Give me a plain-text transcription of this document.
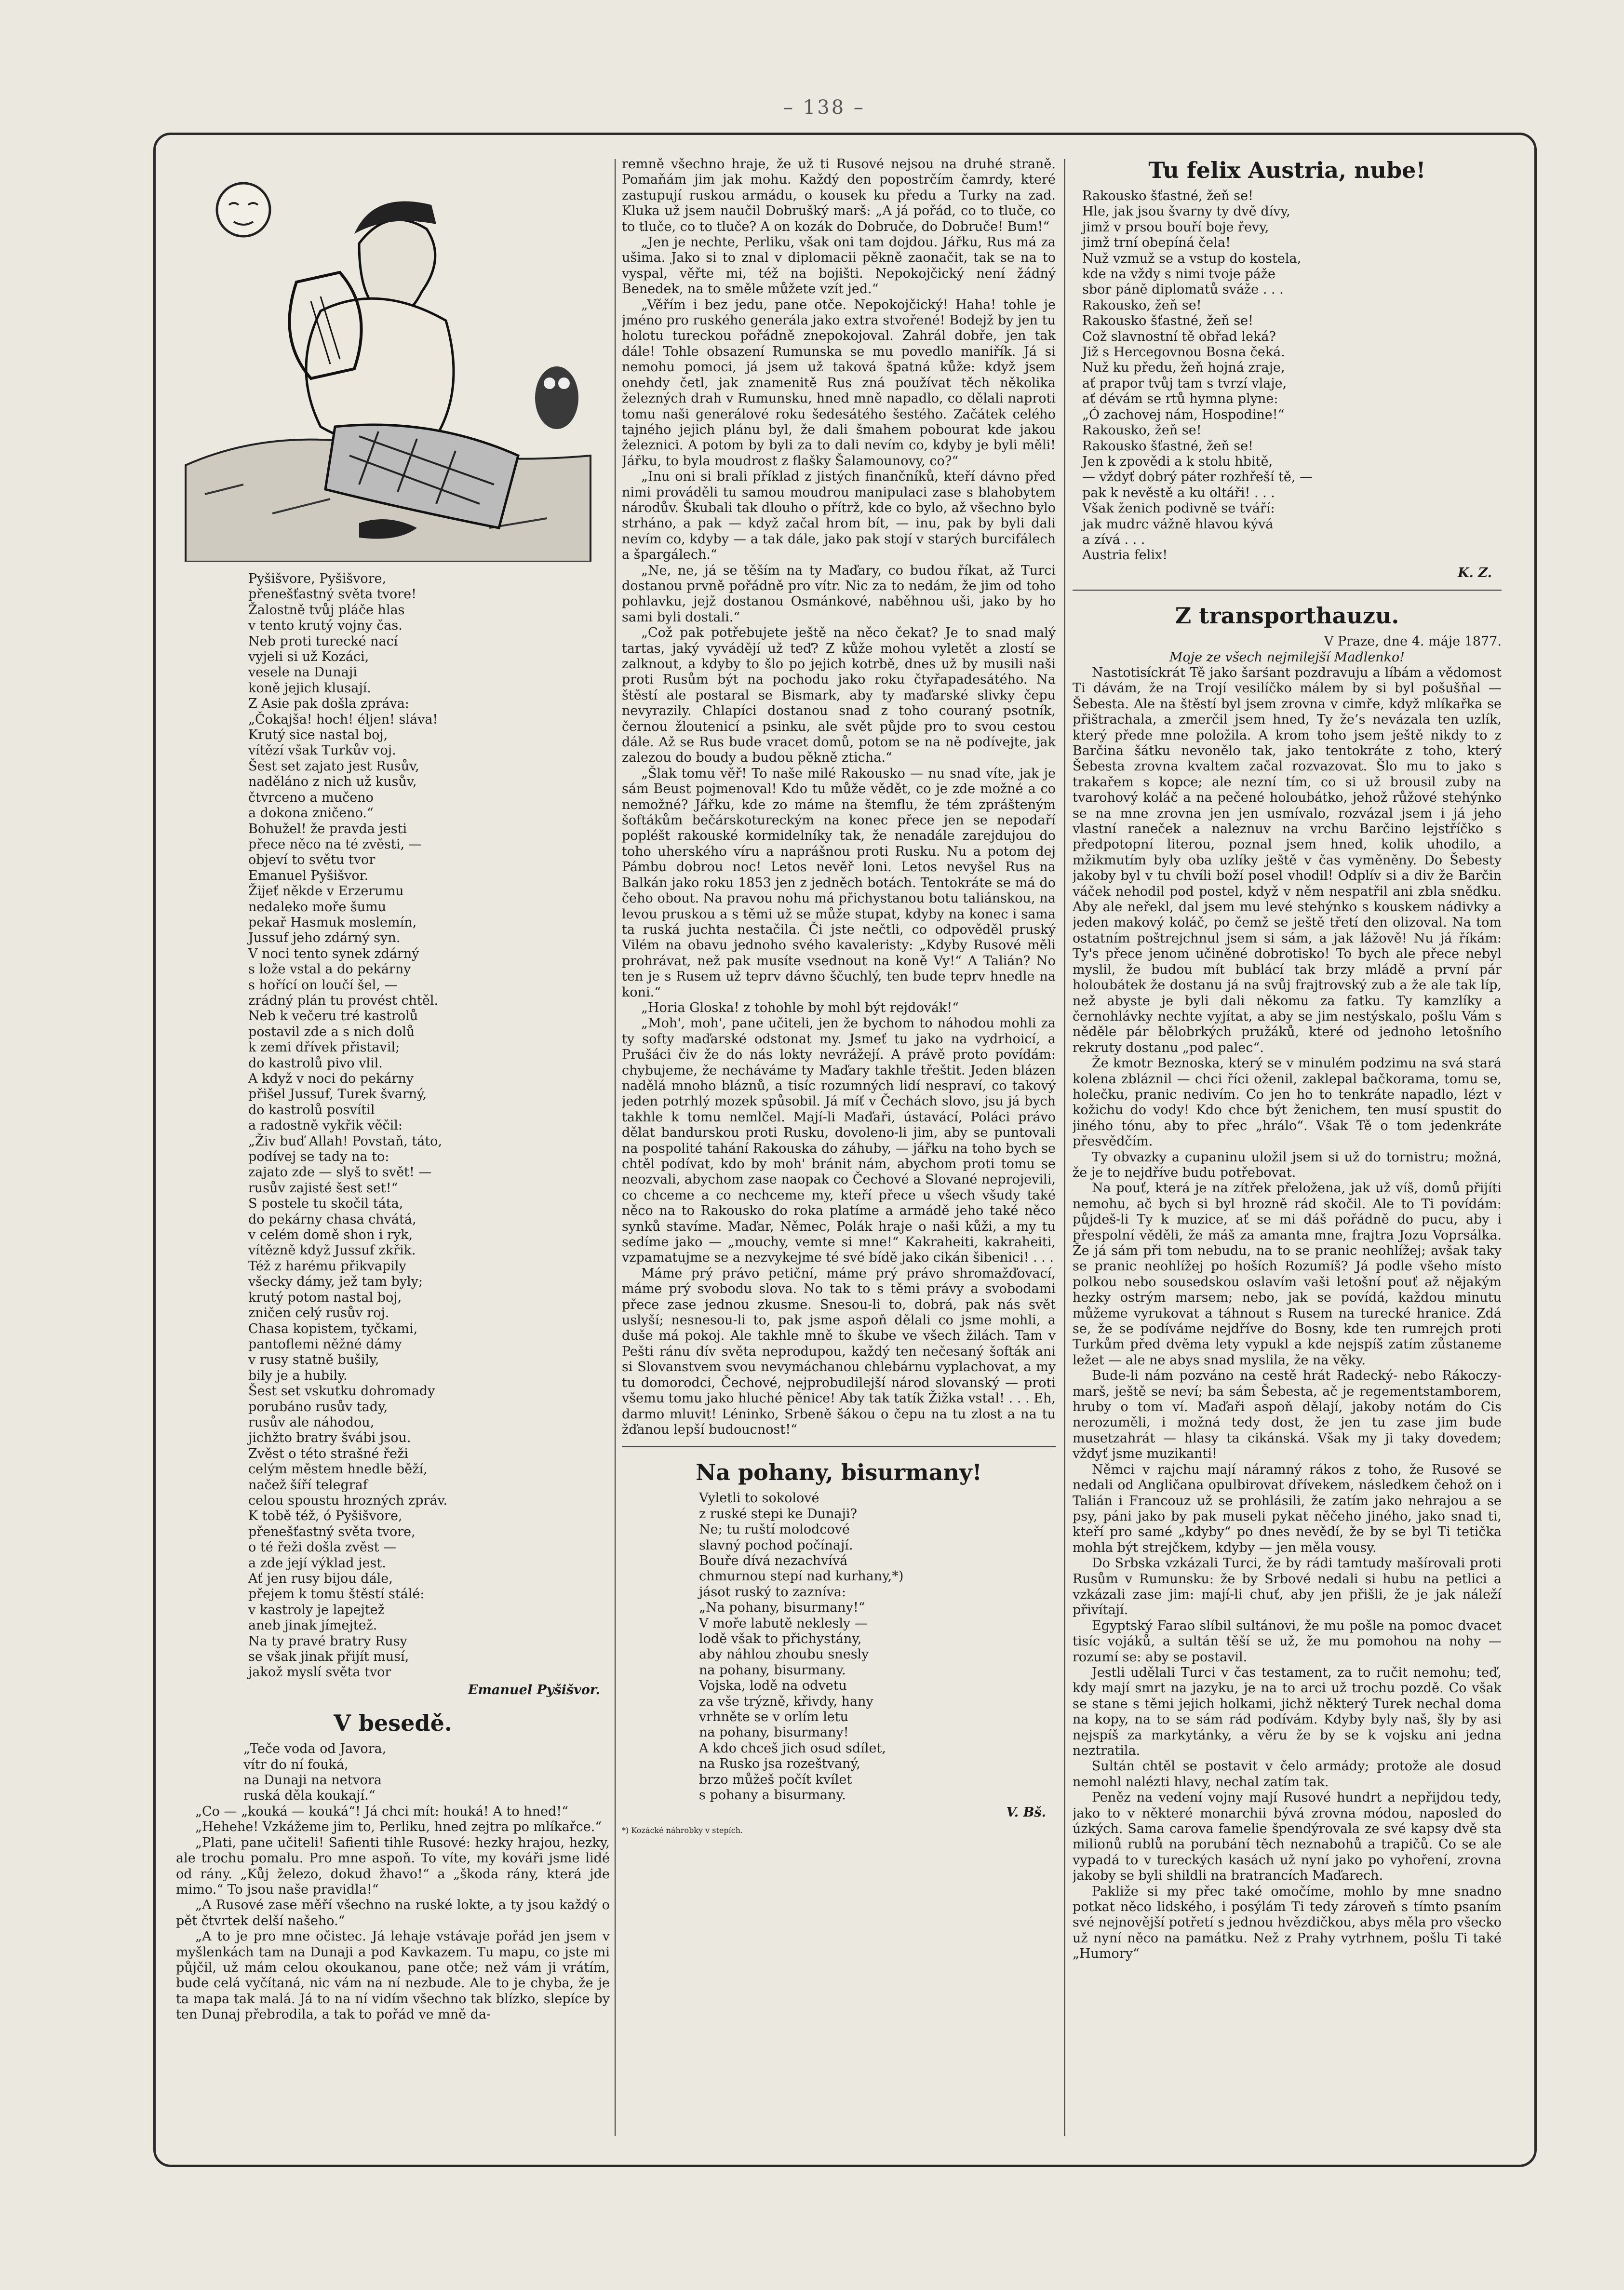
– 138 –

Pyšišvore, Pyšišvore,
přenešťastný světa tvore!
Žalostně tvůj pláče hlas
v tento krutý vojny čas.
Neb proti turecké nací
vyjeli si už Kozáci,
vesele na Dunaji
koně jejich klusají.
Z Asie pak došla zpráva:
„Čokajša! hoch! éljen! sláva!
Krutý sice nastal boj,
vítězí však Turkův voj.
Šest set zajato jest Rusův,
naděláno z nich už kusův,
čtvrceno a mučeno
a dokona zničeno.“
Bohužel! že pravda jesti
přece něco na té zvěsti, —
objeví to světu tvor
Emanuel Pyšišvor.
Žijeť někde v Erzerumu
nedaleko moře šumu
pekař Hasmuk moslemín,
Jussuf jeho zdárný syn.
V noci tento synek zdárný
s lože vstal a do pekárny
s hořící on loučí šel, —
zrádný plán tu provést chtěl.
Neb k večeru tré kastrolů
postavil zde a s nich dolů
k zemi dřívek přistavil;
do kastrolů pivo vlil.
A když v noci do pekárny
přišel Jussuf, Turek švarný,
do kastrolů posvítil
a radostně vykřik věčil:
„Živ buď Allah! Povstaň, táto,
podívej se tady na to:
zajato zde — slyš to svět! —
rusův zajisté šest set!“
S postele tu skočil táta,
do pekárny chasa chvátá,
v celém domě shon i ryk,
vítězně když Jussuf zkřik.
Též z harému přikvapily
všecky dámy, jež tam byly;
krutý potom nastal boj,
zničen celý rusův roj.
Chasa kopistem, tyčkami,
pantoflemi něžné dámy
v rusy statně bušily,
bily je a hubily.
Šest set vskutku dohromady
porubáno rusův tady,
rusův ale náhodou,
jichžto bratry švábi jsou.
Zvěst o této strašné řeži
celým městem hnedle běží,
načež šíří telegraf
celou spoustu hrozných zpráv.
K tobě též, ó Pyšišvore,
přenešťastný světa tvore,
o té řeži došla zvěst —
a zde její výklad jest.
Ať jen rusy bijou dále,
přejem k tomu štěstí stálé:
v kastroly je lapejtež
aneb jinak jímejtež.
Na ty pravé bratry Rusy
se však jinak přijít musí,
jakož myslí světa tvor

Emanuel Pyšišvor.

V besedě.

„Teče voda od Javora,
vítr do ní fouká,
na Dunaji na netvora
ruská děla koukají.“

„Co — „kouká — kouká“! Já chci mít: houká! A to hned!“

„Hehehe! Vzkážeme jim to, Perliku, hned zejtra po mlíkařce.“

„Plati, pane učiteli! Safienti tihle Rusové: hezky hrajou, hezky, ale trochu pomalu. Pro mne aspoň. To víte, my kováři jsme lidé od rány. „Kůj železo, dokud žhavo!“ a „škoda rány, která jde mimo.“ To jsou naše pravidla!“

„A Rusové zase měří všechno na ruské lokte, a ty jsou každý o pět čtvrtek delší našeho.“

„A to je pro mne očistec. Já lehaje vstávaje pořád jen jsem v myšlenkách tam na Dunaji a pod Kavkazem. Tu mapu, co jste mi půjčil, už mám celou okoukanou, pane otče; než vám ji vrátím, bude celá vyčítaná, nic vám na ní nezbude. Ale to je chyba, že je ta mapa tak malá. Já to na ní vidím všechno tak blízko, slepíce by ten Dunaj přebrodila, a tak to pořád ve mně da-

remně všechno hraje, že už ti Rusové nejsou na druhé straně. Pomaňám jim jak mohu. Každý den popostrčím čamrdy, které zastupují ruskou armádu, o kousek ku předu a Turky na zad. Kluka už jsem naučil Dobrušký marš: „A já pořád, co to tluče, co to tluče, co to tluče? A on kozák do Dobruče, do Dobruče! Bum!“

„Jen je nechte, Perliku, však oni tam dojdou. Jářku, Rus má za ušima. Jako si to znal v diplomacii pěkně zaonačit, tak se na to vyspal, věřte mi, též na bojišti. Nepokojčický není žádný Benedek, na to směle můžete vzít jed.“

„Věřím i bez jedu, pane otče. Nepokojčický! Haha! tohle je jméno pro ruského generála jako extra stvořené! Bodejž by jen tu holotu tureckou pořádně znepokojoval. Zahrál dobře, jen tak dále! Tohle obsazení Rumunska se mu povedlo maniřík. Já si nemohu pomoci, já jsem už taková špatná kůže: když jsem onehdy četl, jak znamenitě Rus zná používat těch několika železných drah v Rumunsku, hned mně napadlo, co dělali naproti tomu naši generálové roku šedesátého šestého. Začátek celého tajného jejich plánu byl, že dali šmahem pobourat kde jakou železnici. A potom by byli za to dali nevím co, kdyby je byli měli! Jářku, to byla moudrost z flašky Šalamounovy, co?“

„Inu oni si brali příklad z jistých finančníků, kteří dávno před nimi prováděli tu samou moudrou manipulaci zase s blahobytem národův. Škubali tak dlouho o přítrž, kde co bylo, až všechno bylo strháno, a pak — když začal hrom bít, — inu, pak by byli dali nevím co, kdyby — a tak dále, jako pak stojí v starých burcifálech a špargálech.“

„Ne, ne, já se těším na ty Maďary, co budou říkat, až Turci dostanou prvně pořádně pro vítr. Nic za to nedám, že jim od toho pohlavku, jejž dostanou Osmánkové, naběhnou uši, jako by ho sami byli dostali.“

„Což pak potřebujete ještě na něco čekat? Je to snad malý tartas, jaký vyvádějí už teď? Z kůže mohou vyletět a zlostí se zalknout, a kdyby to šlo po jejich kotrbě, dnes už by musili naši proti Rusům být na pochodu jako roku čtyřapadesátého. Na štěstí ale postaral se Bismark, aby ty maďarské slivky čepu nevyrazily. Chlapíci dostanou snad z toho couraný psotník, černou žloutenicí a psinku, ale svět půjde pro to svou cestou dále. Až se Rus bude vracet domů, potom se na ně podívejte, jak zalezou do boudy a budou pěkně zticha.“

„Šlak tomu věř! To naše milé Rakousko — nu snad víte, jak je sám Beust pojmenoval! Kdo tu může vědět, co je zde možné a co nemožné? Jářku, kde zo máme na štemflu, že tém zprášteným šoftákům bečárskotureckým na konec přece jen se nepodaří popléšt rakouské kormidelníky tak, že nenadále zarejdujou do toho uherského víru a naprášnou proti Rusku. Nu a potom dej Pámbu dobrou noc! Letos nevěř loni. Letos nevyšel Rus na Balkán jako roku 1853 jen z jedněch botách. Tentokráte se má do čeho obout. Na pravou nohu má přichystanou botu taliánskou, na levou pruskou a s těmi už se může stupat, kdyby na konec i sama ta ruská juchta nestačila. Či jste nečtli, co odpověděl pruský Vilém na obavu jednoho svého kavaleristy: „Kdyby Rusové měli prohrávat, než pak musíte vsednout na koně Vy!“ A Talián? No ten je s Rusem už teprv dávno ščuchlý, ten bude teprv hnedle na koni.“

„Horia Gloska! z tohohle by mohl být rejdovák!“

„Moh', moh', pane učiteli, jen že bychom to náhodou mohli za ty softy maďarské odstonat my. Jsmeť tu jako na vydrhoicí, a Prušáci čiv že do nás lokty nevrážejí. A právě proto povídám: chybujeme, že necháváme ty Maďary takhle třeštit. Jeden blázen nadělá mnoho bláznů, a tisíc rozumných lidí nespraví, co takový jeden potrhlý mozek spůsobil. Já míť v Čechách slovo, jsu já bych takhle k tomu nemlčel. Mají-li Maďaři, ústavácí, Poláci právo dělat bandurskou proti Rusku, dovoleno-li jim, aby se puntovali na pospolité tahání Rakouska do záhuby, — jářku na toho bych se chtěl podívat, kdo by moh' bránit nám, abychom proti tomu se neozvali, abychom zase naopak co Čechové a Slované neprojevili, co chceme a co nechceme my, kteří přece u všech všudy také něco na to Rakousko do roka platíme a armádě jeho také něco synků stavíme. Maďar, Němec, Polák hraje o naši kůži, a my tu sedíme jako — „mouchy, vemte si mne!“ Kakraheiti, kakraheiti, vzpamatujme se a nezvykejme té své bídě jako cikán šibenici! . . .

Máme prý právo petiční, máme prý právo shromažďovací, máme prý svobodu slova. No tak to s těmi právy a svobodami přece zase jednou zkusme. Snesou-li to, dobrá, pak nás svět uslyší; nesnesou-li to, pak jsme aspoň dělali co jsme mohli, a duše má pokoj. Ale takhle mně to škube ve všech žilách. Tam v Pešti ránu dív světa neprodupou, každý ten nečesaný šofták ani si Slovanstvem svou nevymáchanou chlebárnu vyplachovat, a my tu domorodci, Čechové, nejprobudilejší národ slovanský — proti všemu tomu jako hluché pěnice! Aby tak tatík Žižka vstal! . . . Eh, darmo mluvit! Léninko, Srbeně šákou o čepu na tu zlost a na tu žďanou lepší budoucnost!“

Na pohany, bisurmany!

Vyletli to sokolové
z ruské stepi ke Dunaji?
Ne; tu ruští molodcové
slavný pochod počínají.
Bouře dívá nezachvívá
chmurnou stepí nad kurhany,*)
jásot ruský to zazníva:
„Na pohany, bisurmany!“
V moře labutě neklesly —
lodě však to přichystány,
aby náhlou zhoubu snesly
na pohany, bisurmany.
Vojska, lodě na odvetu
za vše trýzně, křivdy, hany
vrhněte se v orlím letu
na pohany, bisurmany!
A kdo chceš jich osud sdílet,
na Rusko jsa rozeštvaný,
brzo můžeš počít kvílet
s pohany a bisurmany.

V. Bš.

*) Kozácké náhrobky v stepích.

Tu felix Austria, nube!

Rakousko šťastné, žeň se!
Hle, jak jsou švarny ty dvě dívy,
jimž v prsou bouří boje řevy,
jimž trní obepíná čela!
Nuž vzmuž se a vstup do kostela,
kde na vždy s nimi tvoje páže
sbor páně diplomatů sváže . . .
Rakousko, žeň se!
Rakousko šťastné, žeň se!
Což slavnostní tě obřad leká?
Již s Hercegovnou Bosna čeká.
Nuž ku předu, žeň hojná zraje,
ať prapor tvůj tam s tvrzí vlaje,
ať dévám se rtů hymna plyne:
„Ó zachovej nám, Hospodine!“
Rakousko, žeň se!
Rakousko šťastné, žeň se!
Jen k zpovědi a k stolu hbitě,
— vždyť dobrý páter rozhřeší tě, —
pak k nevěstě a ku oltáři! . . .
Však ženich podivně se tváří:
jak mudrc vážně hlavou kývá
a zívá . . .
Austria felix!

K. Z.

Z transporthauzu.

V Praze, dne 4. máje 1877.

Moje ze všech nejmilejší Madlenko!

Nastotisíckrát Tě jako šarśant pozdravuju a líbám a vědomost Ti dávám, že na Trojí vesilíčko málem by si byl pošušňal — Šebesta. Ale na štěstí byl jsem zrovna v cimře, když mlíkařka se přištrachala, a zmerčil jsem hned, Ty že’s nevázala ten uzlík, který přede mne položila. A krom toho jsem ještě nikdy to z Barčina šátku nevonělo tak, jako tentokráte z toho, který Šebesta zrovna kvaltem začal rozvazovat. Šlo mu to jako s trakařem s kopce; ale nezní tím, co si už brousil zuby na tvarohový koláč a na pečené holoubátko, jehož růžové stehýnko se na mne zrovna jen jen usmívalo, rozvázal jsem i já jeho vlastní raneček a naleznuv na vrchu Barčino lejstříčko s předpotopní literou, poznal jsem hned, kolik uhodilo, a mžikmutím byly oba uzlíky ještě v čas vyměněny. Do Šebesty jakoby byl v tu chvíli boží posel vhodil! Odplív si a div že Barčin váček nehodil pod postel, když v něm nespatřil ani zbla snědku. Aby ale neřekl, dal jsem mu levé stehýnko s kouskem nádivky a jeden makový koláč, po čemž se ještě třetí den olizoval. Na tom ostatním poštrejchnul jsem si sám, a jak lážově! Nu já říkám: Ty's přece jenom učiněné dobrotisko! To bych ale přece nebyl myslil, že budou mít bublácí tak brzy mládě a první pár holoubátek že dostanu já na svůj frajtrovský zub a že ale tak líp, než abyste je byli dali někomu za fatku. Ty kamzlíky a černohlávky nechte vyjítat, a aby se jim nestýskalo, pošlu Vám s něděle pár bělobrkých pružáků, které od jednoho letošního rekruty dostanu „pod palec“.

Že kmotr Beznoska, který se v minulém podzimu na svá stará kolena zbláznil — chci říci oženil, zaklepal bačkorama, tomu se, holečku, pranic nedivím. Co jen ho to tenkráte napadlo, lézt v kožichu do vody! Kdo chce být ženichem, ten musí spustit do jiného tónu, aby to přec „hrálo“. Však Tě o tom jedenkráte přesvědčím.

Ty obvazky a cupaninu uložil jsem si už do tornistru; možná, že je to nejdříve budu potřebovat.

Na pouť, která je na zítřek přeložena, jak už víš, domů přijíti nemohu, ač bych si byl hrozně rád skočil. Ale to Ti povídám: půjdeš-li Ty k muzice, ať se mi dáš pořádně do pucu, aby i přespolní věděli, že máš za amanta mne, frajtra Jozu Voprsálka. Že já sám při tom nebudu, na to se pranic neohlížej; avšak taky se pranic neohlížej po hoších Rozumíš? Já podle všeho místo polkou nebo sousedskou oslavím vaši letošní pouť až nějakým hezky ostrým marsem; nebo, jak se povídá, každou minutu můžeme vyrukovat a táhnout s Rusem na turecké hranice. Zdá se, že se podíváme nejdříve do Bosny, kde ten rumrejch proti Turkům před dvěma lety vypukl a kde nejspíš zatím zůstaneme ležet — ale ne abys snad myslila, že na věky.

Bude-li nám pozváno na cestě hrát Radecký- nebo Rákoczy-marš, ještě se neví; ba sám Šebesta, ač je regementstamborem, hruby o tom ví. Maďaři aspoň dělají, jakoby notám do Cis nerozuměli, i možná tedy dost, že jen tu zase jim bude musetzahrát — hlasy ta cikánská. Však my ji taky dovedem; vždyť jsme muzikanti!

Němci v rajchu mají náramný rákos z toho, že Rusové se nedali od Angličana opulbirovat dřívekem, následkem čehož on i Talián i Francouz už se prohlásili, že zatím jako nehrajou a se psy, páni jako by pak museli pykat něčeho jiného, jako snad ti, kteří pro samé „kdyby“ po dnes nevědí, že by se byl Ti tetička mohla být strejčkem, kdyby — jen měla vousy.

Do Srbska vzkázali Turci, že by rádi tamtudy mašírovali proti Rusům v Rumunsku: že by Srbové nedali si hubu na petlici a vzkázali zase jim: mají-li chuť, aby jen přišli, že je jak náleží přivítají.

Egyptský Farao slíbil sultánovi, že mu pošle na pomoc dvacet tisíc vojáků, a sultán těší se už, že mu pomohou na nohy — rozumí se: aby se postavil.

Jestli udělali Turci v čas testament, za to ručit nemohu; teď, kdy mají smrt na jazyku, je na to arci už trochu pozdě. Co však se stane s těmi jejich holkami, jichž některý Turek nechal doma na kopy, na to se sám rád podívám. Kdyby byly naš, šly by asi nejspíš za markytánky, a věru že by se k vojsku ani jedna neztratila.

Sultán chtěl se postavit v čelo armády; protože ale dosud nemohl nalézti hlavy, nechal zatím tak.

Peněz na vedení vojny mají Rusové hundrt a nepřijdou tedy, jako to v některé monarchii bývá zrovna módou, naposled do úzkých. Sama carova famelie špendýrovala ze své kapsy dvě sta milionů rublů na porubání těch neznabohů a trapičů. Co se ale vypadá to v tureckých kasách už nyní jako po vyhoření, zrovna jakoby se byli shildli na bratrancích Maďarech.

Pakliže si my přec také omočíme, mohlo by mne snadno potkat něco lidského, i posýlám Ti tedy zároveň s tímto psaním své nejnovější potřetí s jednou hvězdičkou, abys měla pro všecko už nyní něco na památku. Než z Prahy vytrhnem, pošlu Ti také „Humory“
